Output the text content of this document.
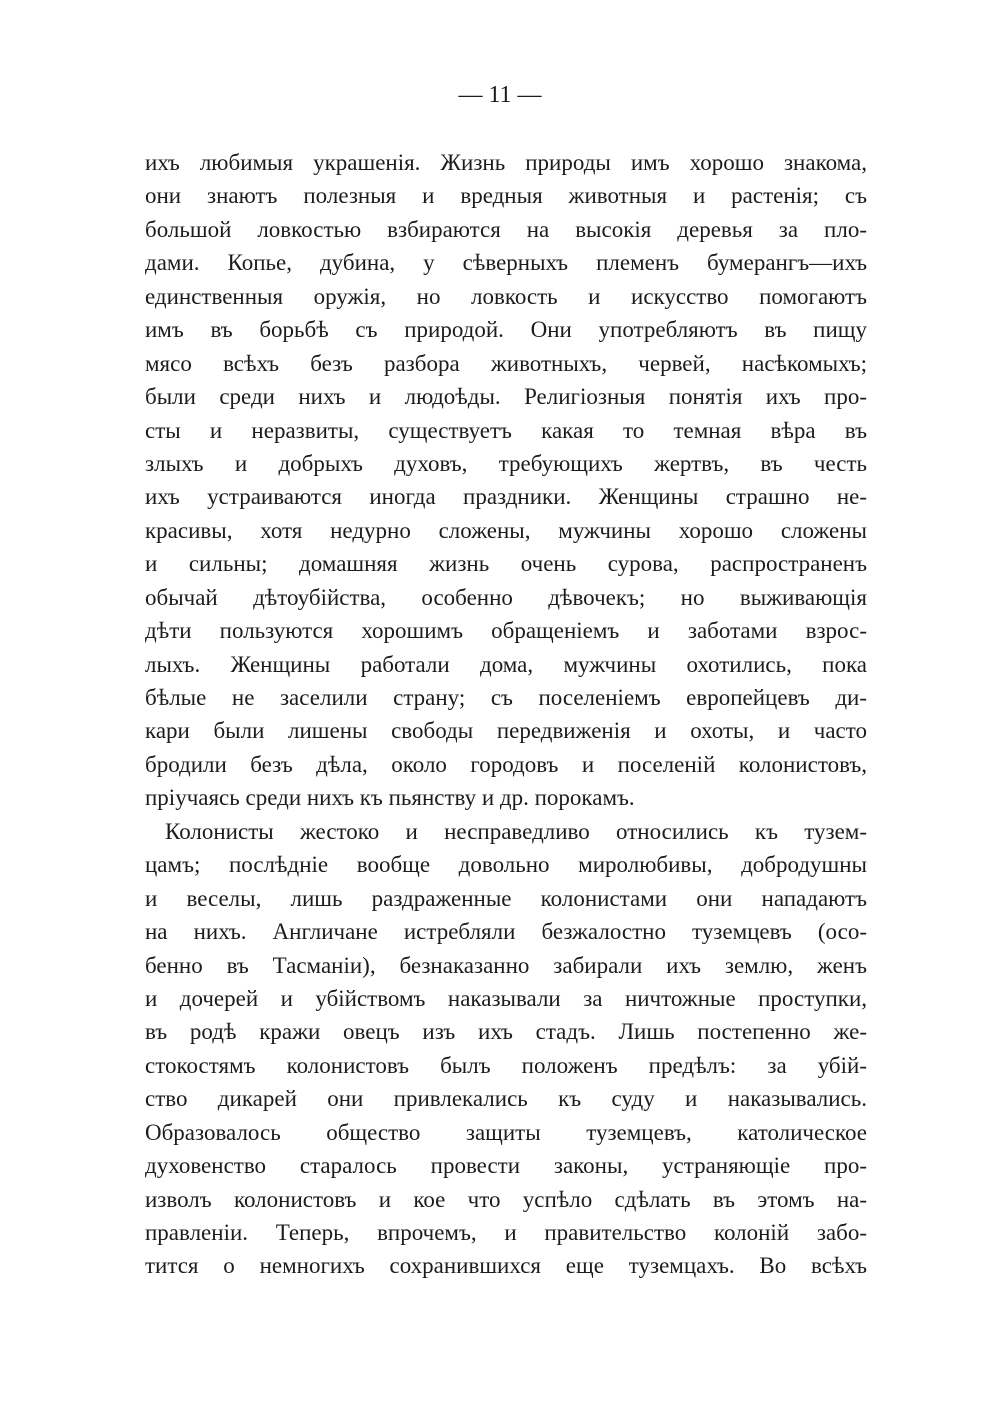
— 11 —
ихъ любимыя украшенія. Жизнь природы имъ хорошо знакома,
они знаютъ полезныя и вредныя животныя и растенія; съ
большой ловкостью взбираются на высокія деревья за пло-
дами. Копье, дубина, у сѣверныхъ племенъ бумерангъ—ихъ
единственныя оружія, но ловкость и искусство помогаютъ
имъ въ борьбѣ съ природой. Они употребляютъ въ пищу
мясо всѣхъ безъ разбора животныхъ, червей, насѣкомыхъ;
были среди нихъ и людоѣды. Религіозныя понятія ихъ про-
сты и неразвиты, существуетъ какая то темная вѣра въ
злыхъ и добрыхъ духовъ, требующихъ жертвъ, въ честь
ихъ устраиваются иногда праздники. Женщины страшно не-
красивы, хотя недурно сложены, мужчины хорошо сложены
и сильны; домашняя жизнь очень сурова, распространенъ
обычай дѣтоубійства, особенно дѣвочекъ; но выживающія
дѣти пользуются хорошимъ обращеніемъ и заботами взрос-
лыхъ. Женщины работали дома, мужчины охотились, пока
бѣлые не заселили страну; съ поселеніемъ европейцевъ ди-
кари были лишены свободы передвиженія и охоты, и часто
бродили безъ дѣла, около городовъ и поселеній колонистовъ,
пріучаясь среди нихъ къ пьянству и др. порокамъ.
Колонисты жестоко и несправедливо относились къ тузем-
цамъ; послѣдніе вообще довольно миролюбивы, добродушны
и веселы, лишь раздраженные колонистами они нападаютъ
на нихъ. Англичане истребляли безжалостно туземцевъ (осо-
бенно въ Тасманіи), безнаказанно забирали ихъ землю, женъ
и дочерей и убійствомъ наказывали за ничтожные проступки,
въ родѣ кражи овецъ изъ ихъ стадъ. Лишь постепенно же-
стокостямъ колонистовъ былъ положенъ предѣлъ: за убій-
ство дикарей они привлекались къ суду и наказывались.
Образовалось общество защиты туземцевъ, католическое
духовенство старалось провести законы, устраняющіе про-
изволъ колонистовъ и кое что успѣло сдѣлать въ этомъ на-
правленіи. Теперь, впрочемъ, и правительство колоній забо-
тится о немногихъ сохранившихся еще туземцахъ. Во всѣхъ
